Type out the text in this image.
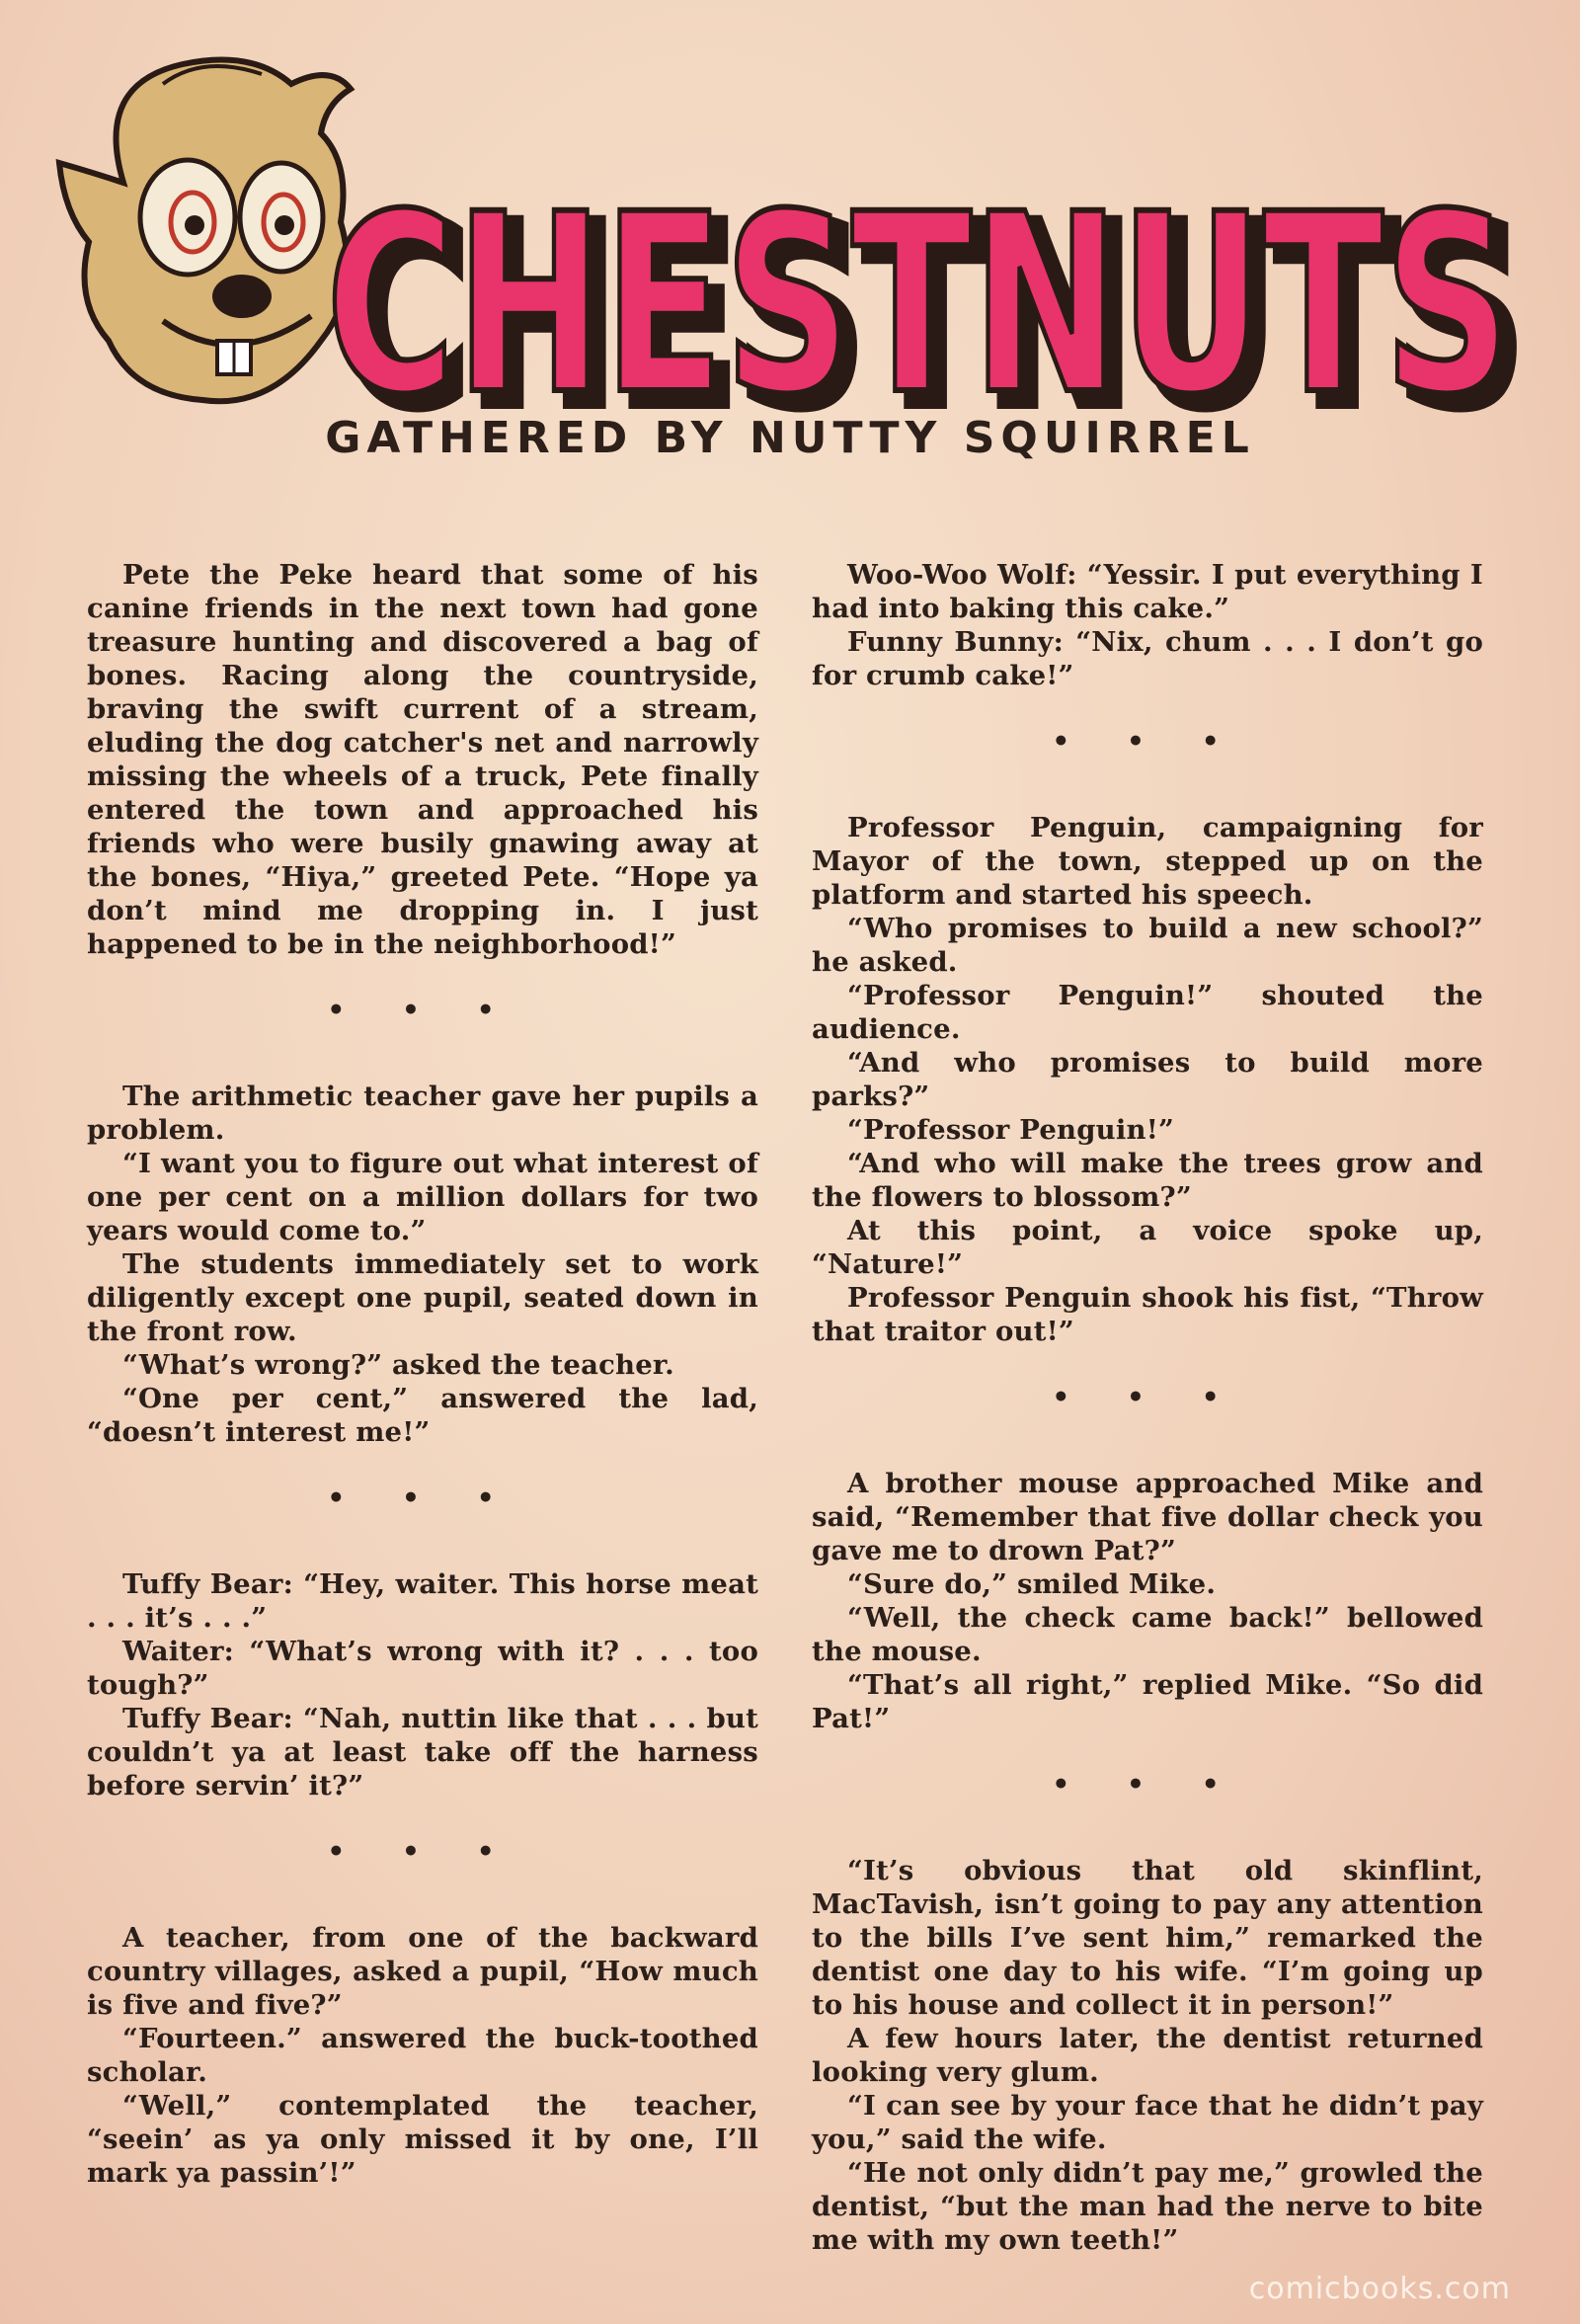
CHESTNUTS
CHESTNUTS
GATHERED BY NUTTY SQUIRREL

Pete the Peke heard that some of his canine friends in the next town had gone treasure hunting and discovered a bag of bones. Racing along the countryside, braving the swift current of a stream, eluding the dog catcher's net and narrowly missing the wheels of a truck, Pete finally entered the town and approached his friends who were busily gnawing away at the bones, “Hiya,” greeted Pete. “Hope ya don’t mind me dropping in. I just happened to be in the neighborhood!”

• • •

The arithmetic teacher gave her pupils a problem.

“I want you to figure out what interest of one per cent on a million dollars for two years would come to.”

The students immediately set to work diligently except one pupil, seated down in the front row.

“What’s wrong?” asked the teacher.

“One per cent,” answered the lad, “doesn’t interest me!”

• • •

Tuffy Bear: “Hey, waiter. This horse meat . . . it’s . . .”

Waiter: “What’s wrong with it? . . . too tough?”

Tuffy Bear: “Nah, nuttin like that . . . but couldn’t ya at least take off the harness before servin’ it?”

• • •

A teacher, from one of the backward country villages, asked a pupil, “How much is five and five?”

“Fourteen.” answered the buck-toothed scholar.

“Well,” contemplated the teacher, “seein’ as ya only missed it by one, I’ll mark ya passin’!”

Woo-Woo Wolf: “Yessir. I put everything I had into baking this cake.”

Funny Bunny: “Nix, chum . . . I don’t go for crumb cake!”

• • •

Professor Penguin, campaigning for Mayor of the town, stepped up on the platform and started his speech.

“Who promises to build a new school?” he asked.

“Professor Penguin!” shouted the audience.

“And who promises to build more parks?”

“Professor Penguin!”

“And who will make the trees grow and the flowers to blossom?”

At this point, a voice spoke up, “Nature!”

Professor Penguin shook his fist, “Throw that traitor out!”

• • •

A brother mouse approached Mike and said, “Remember that five dollar check you gave me to drown Pat?”

“Sure do,” smiled Mike.

“Well, the check came back!” bellowed the mouse.

“That’s all right,” replied Mike. “So did Pat!”

• • •

“It’s obvious that old skinflint, MacTavish, isn’t going to pay any attention to the bills I’ve sent him,” remarked the dentist one day to his wife. “I’m going up to his house and collect it in person!”

A few hours later, the dentist returned looking very glum.

“I can see by your face that he didn’t pay you,” said the wife.

“He not only didn’t pay me,” growled the dentist, “but the man had the nerve to bite me with my own teeth!”

comicbooks.com
